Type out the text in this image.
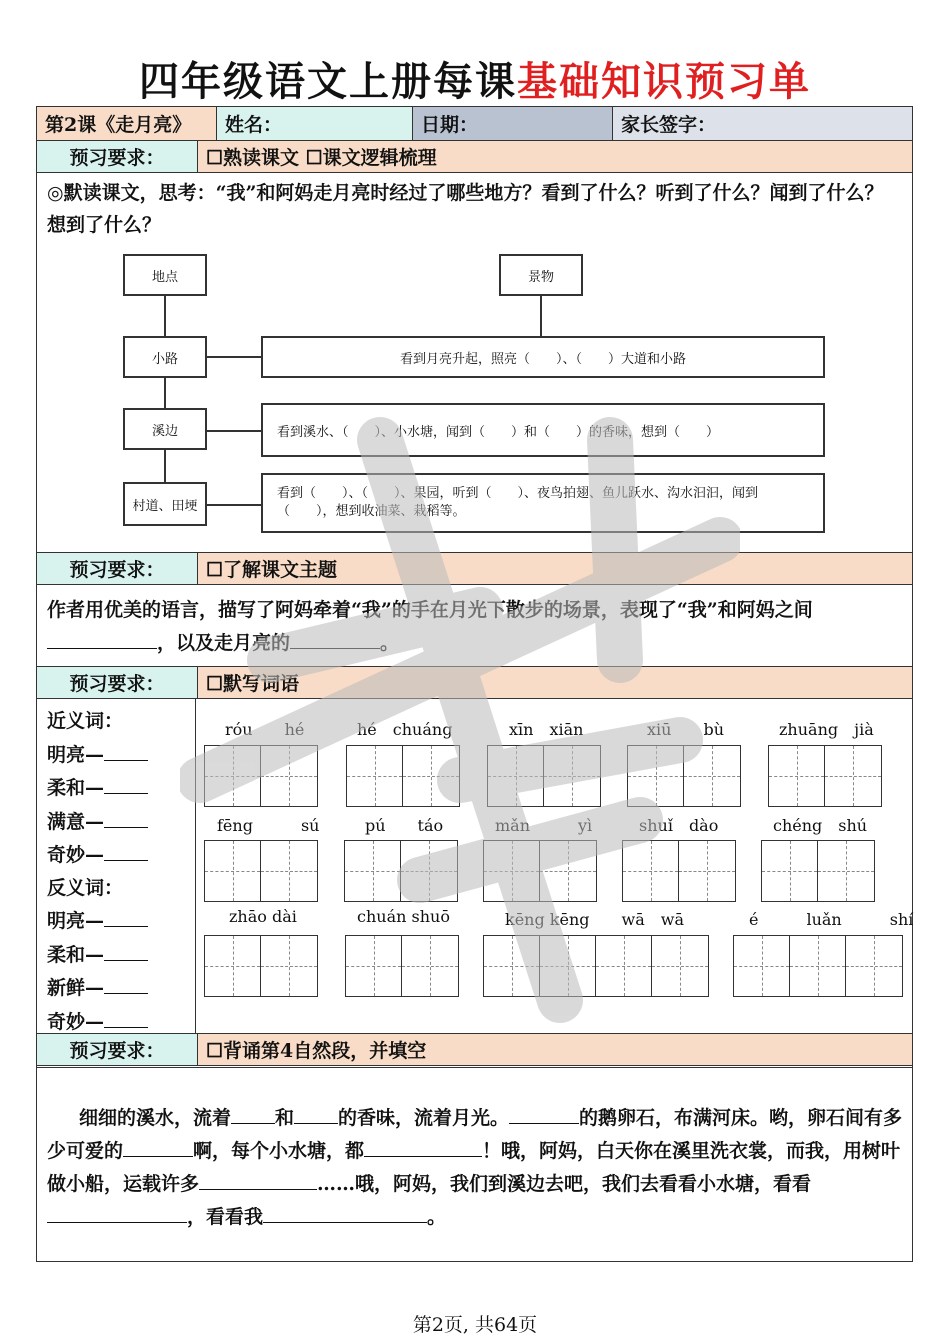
四年级语文上册每课基础知识预习单
第2课《走月亮》	姓名：	日期：	家长签字：
预习要求：	☐熟读课文 ☐课文逻辑梳理
◎默读课文，思考：“我”和阿妈走月亮时经过了哪些地方？看到了什么？听到了什么？闻到了什么？想到了什么？
地点	景物
小路
溪边
村道、田埂
看到月亮升起，照亮（　　）、（　　）大道和小路
看到溪水、（　　）、小水塘，闻到（　　）和（　　）的香味，想到（　　）
看到（　　）、（　　）、果园，听到（　　）、夜鸟拍翅、鱼儿跃水、沟水汩汩，闻到（　　），想到收油菜、栽稻等。
预习要求：	☐了解课文主题
作者用优美的语言，描写了阿妈牵着“我”的手在月光下散步的场景，表现了“我”和阿妈之间，以及走月亮的	。
预习要求：	☐默写词语
近义词：
明亮—
柔和—
满意—
奇妙—
反义词：
明亮—
柔和—
新鲜—
奇妙—
róu　　hé	hé　chuáng	xīn　xiān	xiū　　bù	zhuāng　jià
fēng　　　sú	pú　　táo	mǎn　　　yì	shuǐ　dào	chéng　shú
zhāo dài	chuán shuō	kēng kēng　　wā　wā	é　　　luǎn　　　shí
预习要求：	☐背诵第4自然段，并填空
细细的溪水，流着 和 的香味，流着月光。	的鹅卵石，布满河床。哟，卵石间有多少可爱的	啊，每个小水塘，都	！哦，阿妈，白天你在溪里洗衣裳，而我，用树叶做小船，运载许多	……哦，阿妈，我们到溪边去吧，我们去看看小水塘，看看，看看我	。
第2页, 共64页
